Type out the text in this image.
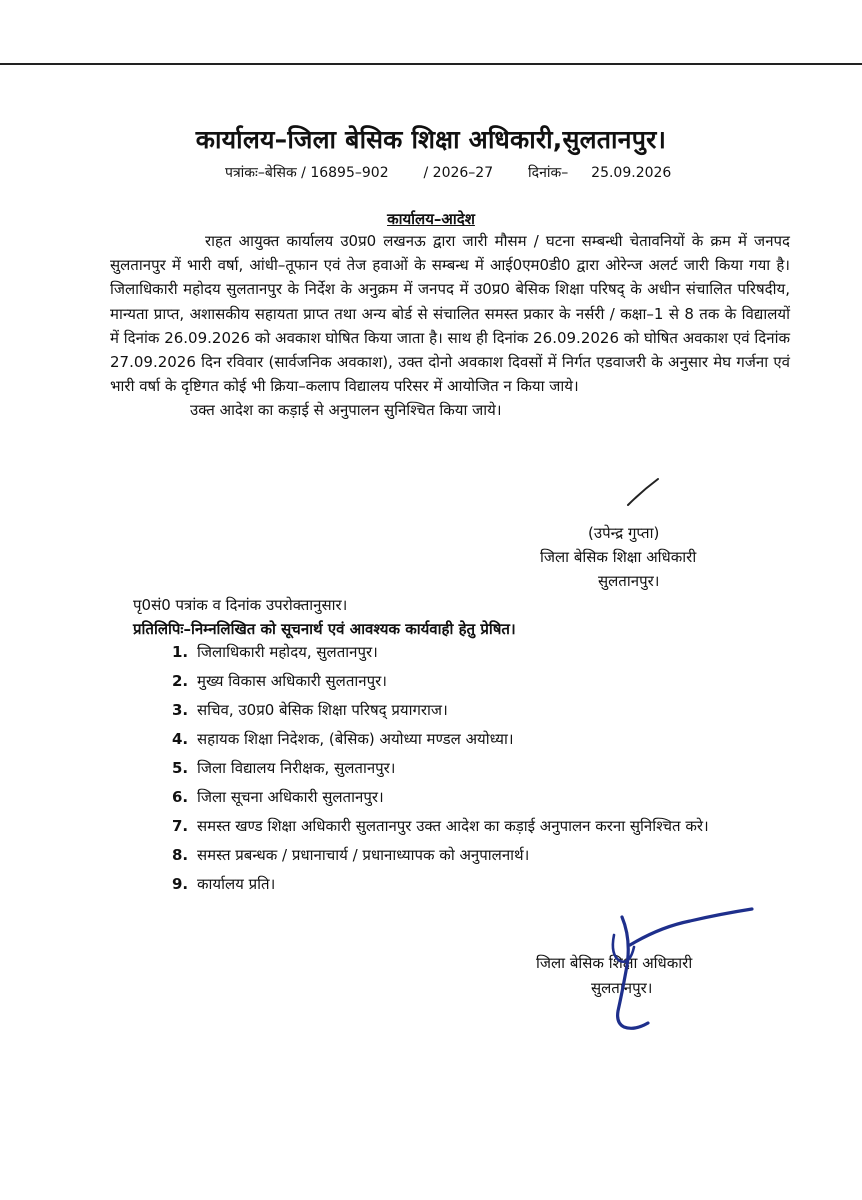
कार्यालय–जिला बेसिक शिक्षा अधिकारी,सुलतानपुर।
पत्रांकः–बेसिक / 16895–902 / 2026–27 दिनांक– 25.09.2026
कार्यालय–आदेश

राहत आयुक्त कार्यालय उ0प्र0 लखनऊ द्वारा जारी मौसम / घटना सम्बन्धी चेतावनियों के क्रम में जनपद सुलतानपुर में भारी वर्षा, आंधी–तूफान एवं तेज हवाओं के सम्बन्ध में आई0एम0डी0 द्वारा ओरेन्ज अलर्ट जारी किया गया है। जिलाधिकारी महोदय सुलतानपुर के निर्देश के अनुक्रम में जनपद में उ0प्र0 बेसिक शिक्षा परिषद् के अधीन संचालित परिषदीय, मान्यता प्राप्त, अशासकीय सहायता प्राप्त तथा अन्य बोर्ड से संचालित समस्त प्रकार के नर्सरी / कक्षा–1 से 8 तक के विद्यालयों में दिनांक 26.09.2026 को अवकाश घोषित किया जाता है। साथ ही दिनांक 26.09.2026 को घोषित अवकाश एवं दिनांक 27.09.2026 दिन रविवार (सार्वजनिक अवकाश), उक्त दोनो अवकाश दिवसों में निर्गत एडवाजरी के अनुसार मेघ गर्जना एवं भारी वर्षा के दृष्टिगत कोई भी क्रिया–कलाप विद्यालय परिसर में आयोजित न किया जाये।

उक्त आदेश का कड़ाई से अनुपालन सुनिश्चित किया जाये।

(उपेन्द्र गुप्ता)
जिला बेसिक शिक्षा अधिकारी
सुलतानपुर।
पृ0सं0 पत्रांक व दिनांक उपरोक्तानुसार।
प्रतिलिपिः–निम्नलिखित को सूचनार्थ एवं आवश्यक कार्यवाही हेतु प्रेषित।
1. जिलाधिकारी महोदय, सुलतानपुर।
2. मुख्य विकास अधिकारी सुलतानपुर।
3. सचिव, उ0प्र0 बेसिक शिक्षा परिषद् प्रयागराज।
4. सहायक शिक्षा निदेशक, (बेसिक) अयोध्या मण्डल अयोध्या।
5. जिला विद्यालय निरीक्षक, सुलतानपुर।
6. जिला सूचना अधिकारी सुलतानपुर।
7. समस्त खण्ड शिक्षा अधिकारी सुलतानपुर उक्त आदेश का कड़ाई अनुपालन करना सुनिश्चित करे।
8. समस्त प्रबन्धक / प्रधानाचार्य / प्रधानाध्यापक को अनुपालनार्थ।
9. कार्यालय प्रति।
जिला बेसिक शिक्षा अधिकारी
सुलतानपुर।
